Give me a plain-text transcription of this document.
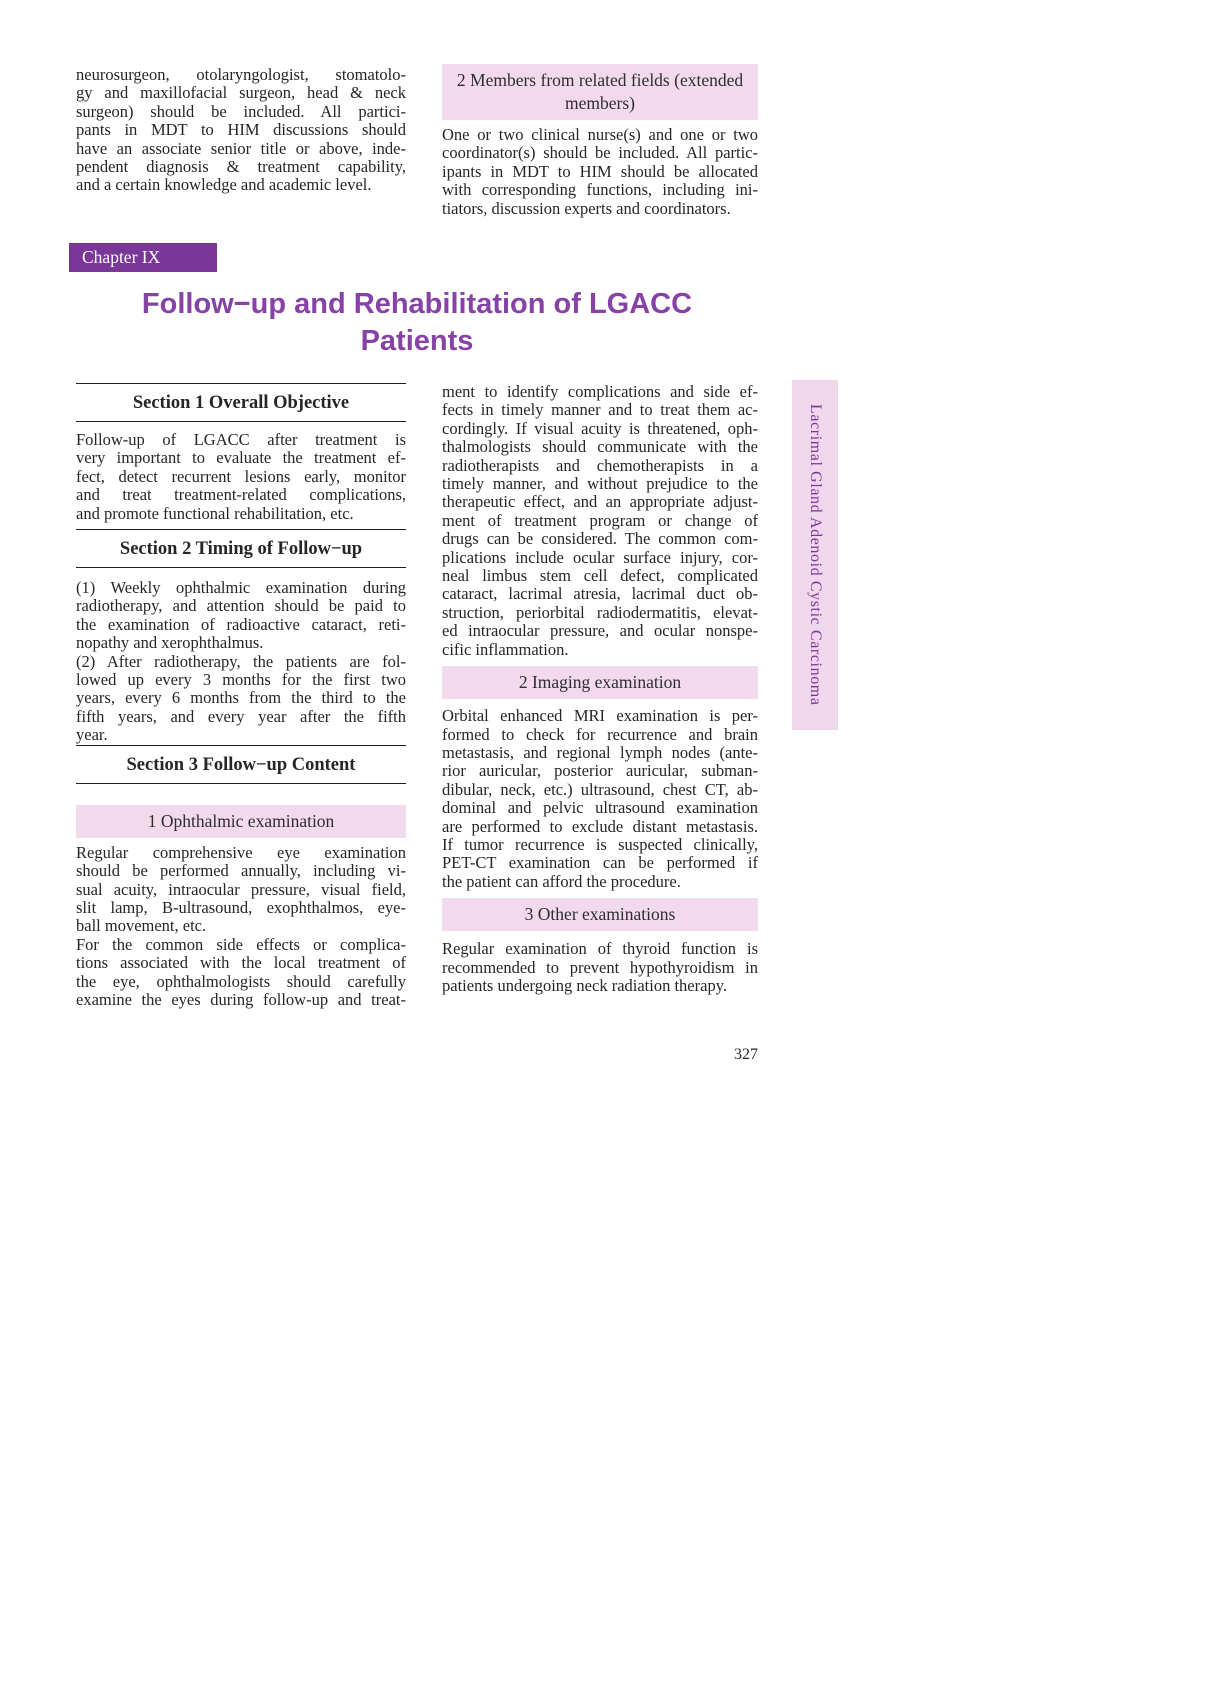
neurosurgeon, otolaryngologist, stomatolo-
gy and maxillofacial surgeon, head & neck
surgeon) should be included. All partici-
pants in MDT to HIM discussions should
have an associate senior title or above, inde-
pendent diagnosis & treatment capability,
and a certain knowledge and academic level.
2 Members from related fields (extended
members)
One or two clinical nurse(s) and one or two
coordinator(s) should be included. All partic-
ipants in MDT to HIM should be allocated
with corresponding functions, including ini-
tiators, discussion experts and coordinators.
Chapter IX
Follow−up and Rehabilitation of LGACC
Patients
Section 1 Overall Objective
Follow-up of LGACC after treatment is
very important to evaluate the treatment ef-
fect, detect recurrent lesions early, monitor
and treat treatment-related complications,
and promote functional rehabilitation, etc.
Section 2 Timing of Follow−up
(1) Weekly ophthalmic examination during
radiotherapy, and attention should be paid to
the examination of radioactive cataract, reti-
nopathy and xerophthalmus.
(2) After radiotherapy, the patients are fol-
lowed up every 3 months for the first two
years, every 6 months from the third to the
fifth years, and every year after the fifth
year.
Section 3 Follow−up Content
1 Ophthalmic examination
Regular comprehensive eye examination
should be performed annually, including vi-
sual acuity, intraocular pressure, visual field,
slit lamp, B-ultrasound, exophthalmos, eye-
ball movement, etc.
For the common side effects or complica-
tions associated with the local treatment of
the eye, ophthalmologists should carefully
examine the eyes during follow-up and treat-
ment to identify complications and side ef-
fects in timely manner and to treat them ac-
cordingly. If visual acuity is threatened, oph-
thalmologists should communicate with the
radiotherapists and chemotherapists in a
timely manner, and without prejudice to the
therapeutic effect, and an appropriate adjust-
ment of treatment program or change of
drugs can be considered. The common com-
plications include ocular surface injury, cor-
neal limbus stem cell defect, complicated
cataract, lacrimal atresia, lacrimal duct ob-
struction, periorbital radiodermatitis, elevat-
ed intraocular pressure, and ocular nonspe-
cific inflammation.
2 Imaging examination
Orbital enhanced MRI examination is per-
formed to check for recurrence and brain
metastasis, and regional lymph nodes (ante-
rior auricular, posterior auricular, subman-
dibular, neck, etc.) ultrasound, chest CT, ab-
dominal and pelvic ultrasound examination
are performed to exclude distant metastasis.
If tumor recurrence is suspected clinically,
PET-CT examination can be performed if
the patient can afford the procedure.
3 Other examinations
Regular examination of thyroid function is
recommended to prevent hypothyroidism in
patients undergoing neck radiation therapy.
Lacrimal Gland Adenoid Cystic Carcinoma
327
